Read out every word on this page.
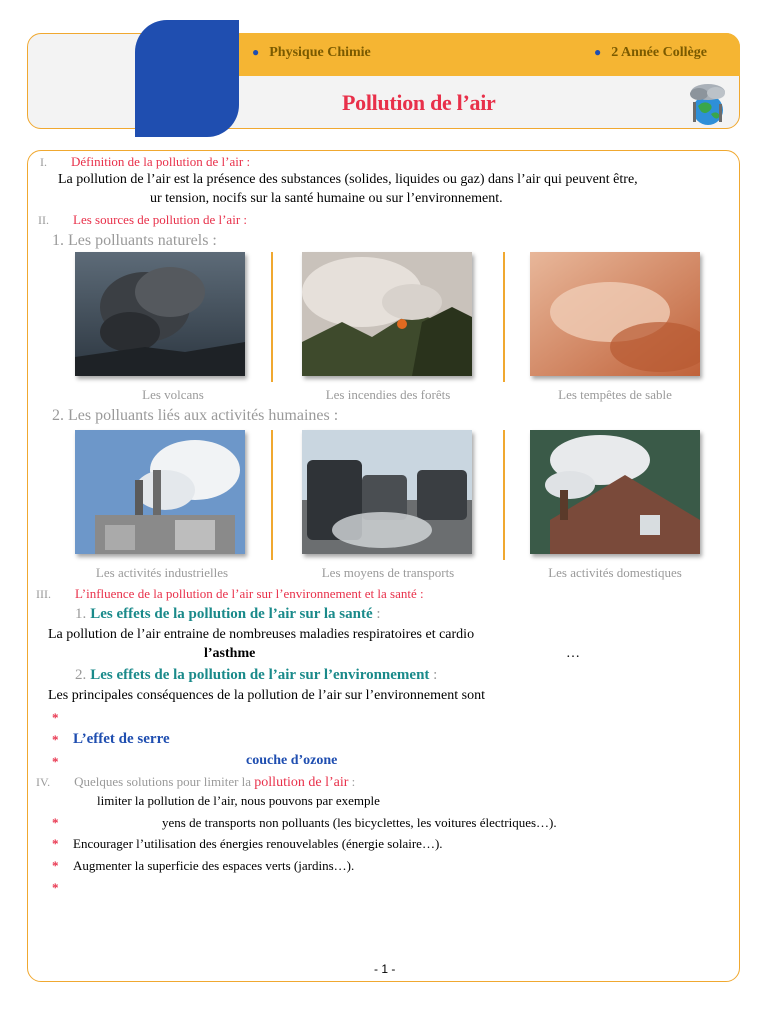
● Physique Chimie	● 2 Année Collège
Pollution de l’air
I. Définition de la pollution de l’air :
La pollution de l’air est la présence des substances (solides, liquides ou gaz) dans l’air qui peuvent être,
ur tension, nocifs sur la santé humaine ou sur l’environnement.
II. Les sources de pollution de l’air :
1. Les polluants naturels :
Les volcans	Les incendies des forêts	Les tempêtes de sable
2. Les polluants liés aux activités humaines :
Les activités industrielles	Les moyens de transports	Les activités domestiques
III. L’influence de la pollution de l’air sur l’environnement et la santé :
1. Les effets de la pollution de l’air sur la santé :
La pollution de l’air entraine de nombreuses maladies respiratoires et cardio
l’asthme	…
2. Les effets de la pollution de l’air sur l’environnement :
Les principales conséquences de la pollution de l’air sur l’environnement sont
*
* L’effet de serre
*	couche d’ozone
IV. Quelques solutions pour limiter la pollution de l’air :
limiter la pollution de l’air, nous pouvons par exemple
*	yens de transports non polluants (les bicyclettes, les voitures électriques…).
* Encourager l’utilisation des énergies renouvelables (énergie solaire…).
* Augmenter la superficie des espaces verts (jardins…).
*
- 1 -
